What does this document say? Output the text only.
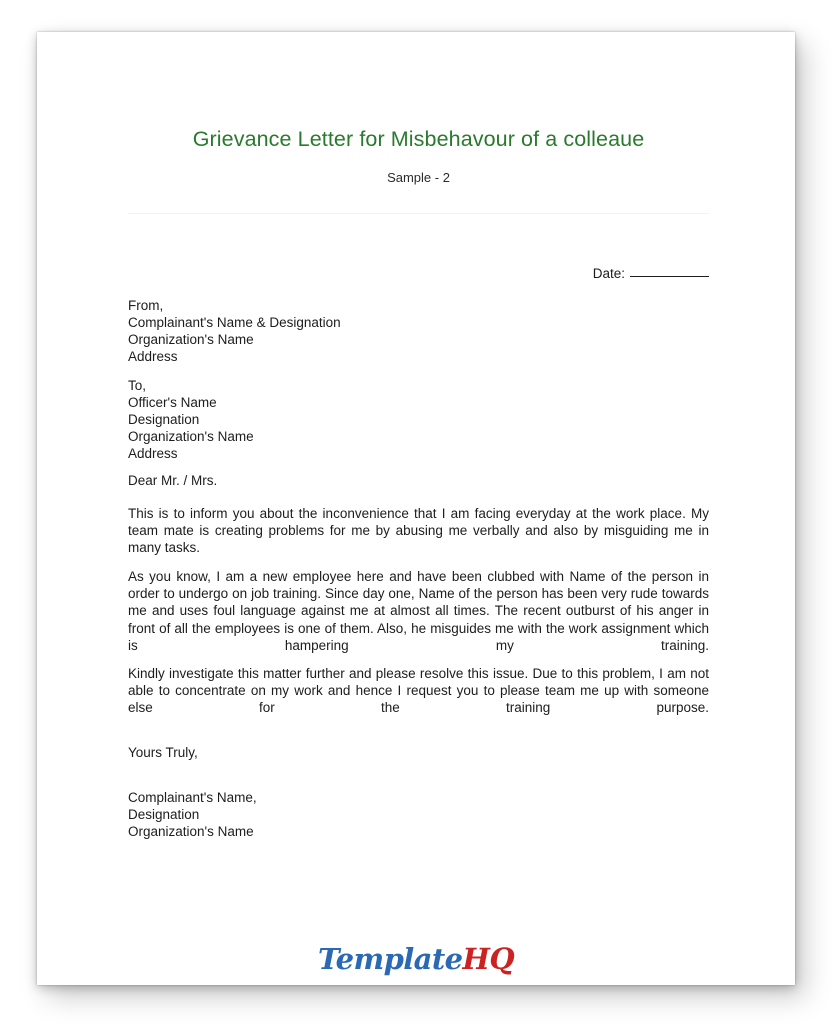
Grievance Letter for Misbehavour of a colleaue
Sample - 2
Date:
From,
Complainant's Name & Designation
Organization's Name
Address
To,
Officer's Name
Designation
Organization's Name
Address
Dear Mr. / Mrs.

This is to inform you about the inconvenience that I am facing everyday at the work place. My team mate is creating problems for me by abusing me verbally and also by misguiding me in many tasks.

As you know, I am a new employee here and have been clubbed with Name of the person in order to undergo on job training. Since day one, Name of the person has been very rude towards me and uses foul language against me at almost all times. The recent outburst of his anger in front of all the employees is one of them. Also, he misguides me with the work assignment which is hampering my training.

Kindly investigate this matter further and please resolve this issue. Due to this problem, I am not able to concentrate on my work and hence I request you to please team me up with someone else for the training purpose.

Yours Truly,
Complainant's Name,
Designation
Organization's Name
TemplateHQ
